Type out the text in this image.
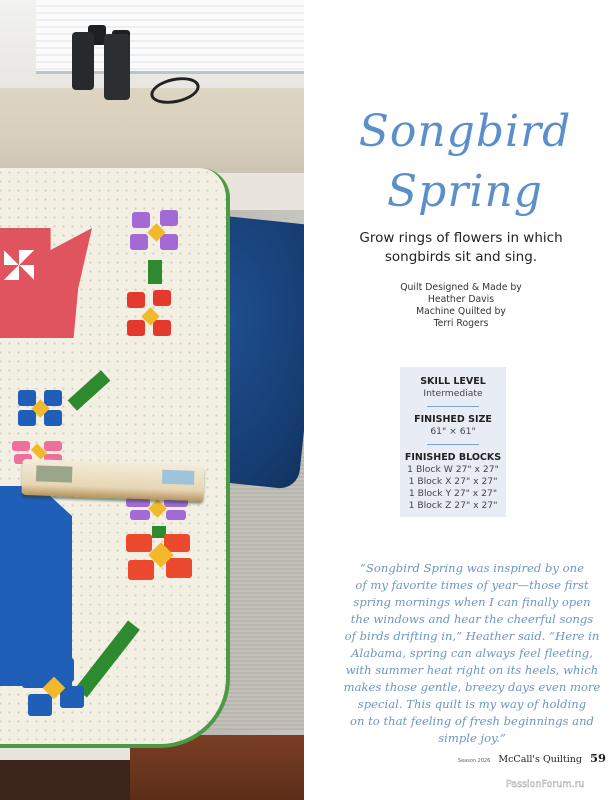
Songbird
Spring
Grow rings of flowers in which
songbirds sit and sing.
Quilt Designed & Made by
Heather Davis
Machine Quilted by
Terri Rogers
SKILL LEVEL
Intermediate
FINISHED SIZE
61" × 61"
FINISHED BLOCKS
1 Block W 27" x 27"
1 Block X 27" x 27"
1 Block Y 27" x 27"
1 Block Z 27" x 27"
“Songbird Spring was inspired by one
of my favorite times of year—those first
spring mornings when I can finally open
the windows and hear the cheerful songs
of birds drifting in,” Heather said. “Here in
Alabama, spring can always feel fleeting,
with summer heat right on its heels, which
makes those gentle, breezy days even more
special. This quilt is my way of holding
on to that feeling of fresh beginnings and
simple joy.”
Season 2026 McCall's Quilting 59
PassionForum.ru
